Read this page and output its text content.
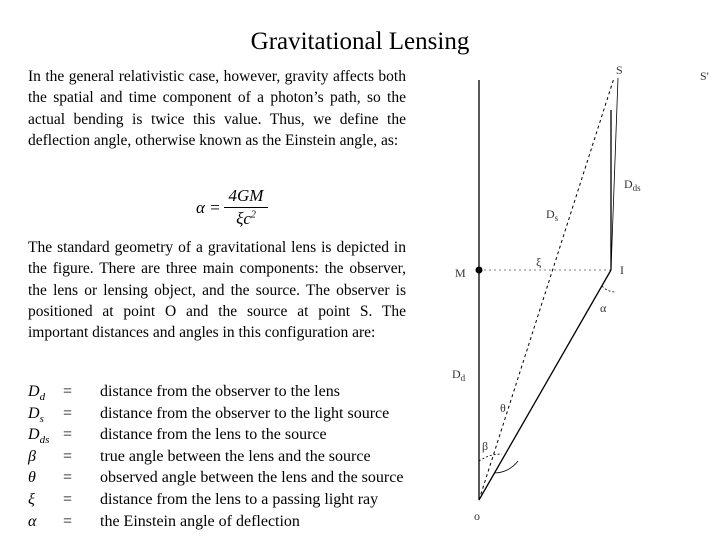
Gravitational Lensing

In the general relativistic case, however, gravity affects both the spatial and time component of a photon’s path, so the actual bending is twice this value. Thus, we define the deflection angle, otherwise known as the Einstein angle, as:

α =
4GM
$\xi c^2$

The standard geometry of a gravitational lens is depicted in the figure. There are three main components: the observer, the lens or lensing object, and the source. The observer is positioned at point O and the source at point S. The important distances and angles in this configuration are:

$D_d$ = distance from the observer to the lens
$D_s$ = distance from the observer to the light source
$D_{ds}$ = distance from the lens to the source
β = true angle between the lens and the source
θ = observed angle between the lens and the source
ξ = distance from the lens to a passing light ray
α = the Einstein angle of deflection
S	S'
$D_{ds}$
$D_s$
ξ
M	I
α
$D_d$
θ
β
o
